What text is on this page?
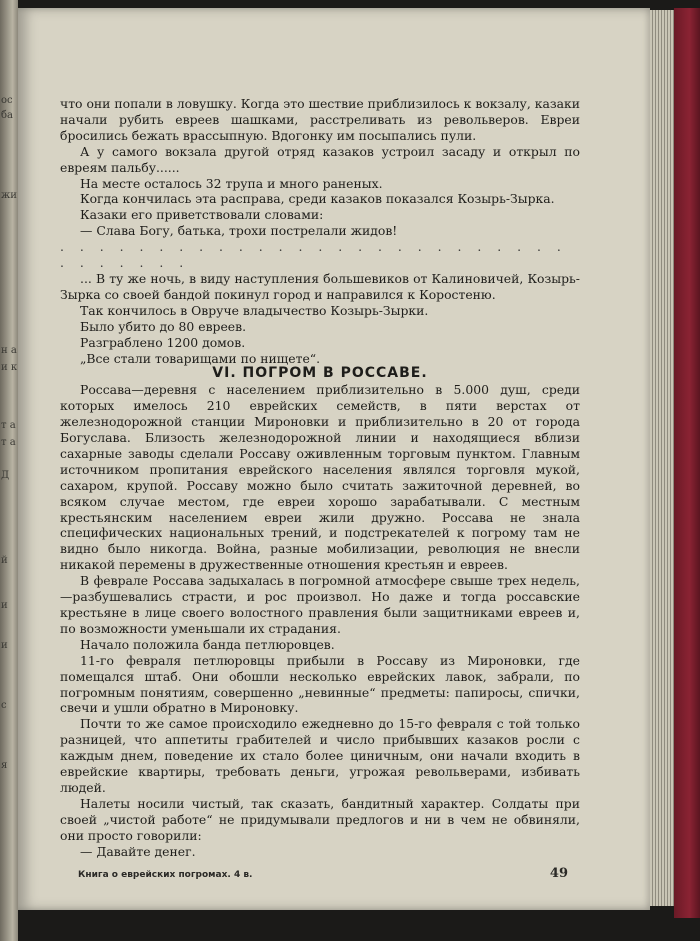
что они попали в ловушку. Когда это шествие приблизилось к вокзалу, казаки начали рубить евреев шашками, расстреливать из револьверов. Евреи бросились бежать врассыпную. Вдогонку им посыпались пули.

А у самого вокзала другой отряд казаков устроил засаду и открыл по евреям пальбу......

На месте осталось 32 трупа и много раненых.

Когда кончилась эта расправа, среди казаков показался Козырь-Зырка.

Казаки его приветствовали словами:

— Слава Богу, батька, трохи пострелали жидов!

. . . . . . . . . . . . . . . . . . . . . . . . . . . . . . . . .

... В ту же ночь, в виду наступления большевиков от Калиновичей, Козырь-Зырка со своей бандой покинул город и направился к Коростеню.

Так кончилось в Овруче владычество Козырь-Зырки.

Было убито до 80 евреев.

Разграблено 1200 домов.

„Все стали товарищами по нищете“.

VI. ПОГРОМ В РОССАВЕ.

Россава—деревня с населением приблизительно в 5.000 душ, среди которых имелось 210 еврейских семейств, в пяти верстах от железнодорожной станции Мироновки и приблизительно в 20 от города Богуслава. Близость железнодорожной линии и находящиеся вблизи сахарные заводы сделали Россаву оживленным торговым пунктом. Главным источником пропитания еврейского населения являлся торговля мукой, сахаром, крупой. Россаву можно было считать зажиточной деревней, во всяком случае местом, где евреи хорошо зарабатывали. С местным крестьянским населением евреи жили дружно. Россава не знала специфических национальных трений, и подстрекателей к погрому там не видно было никогда. Война, разные мобилизации, революция не внесли никакой перемены в дружественные отношения крестьян и евреев.

В феврале Россава задыхалась в погромной атмосфере свыше трех недель,—разбушевались страсти, и рос произвол. Но даже и тогда россавские крестьяне в лице своего волостного правления были защитниками евреев и, по возможности уменьшали их страдания.

Начало положила банда петлюровцев.

11-го февраля петлюровцы прибыли в Россаву из Мироновки, где помещался штаб. Они обошли несколько еврейских лавок, забрали, по погромным понятиям, совершенно „невинные“ предметы: папиросы, спички, свечи и ушли обратно в Мироновку.

Почти то же самое происходило ежедневно до 15-го февраля с той только разницей, что аппетиты грабителей и число прибывших казаков росли с каждым днем, поведение их стало более циничным, они начали входить в еврейские квартиры, требовать деньги, угрожая револьверами, избивать людей.

Налеты носили чистый, так сказать, бандитный характер. Солдаты при своей „чистой работе“ не придумывали предлогов и ни в чем не обвиняли, они просто говорили:

— Давайте денег.

Книга о еврейских погромах. 4 в.	49
ос
ба
жи
н а
и к
т а
т а
Д
й
и
и
с
я
